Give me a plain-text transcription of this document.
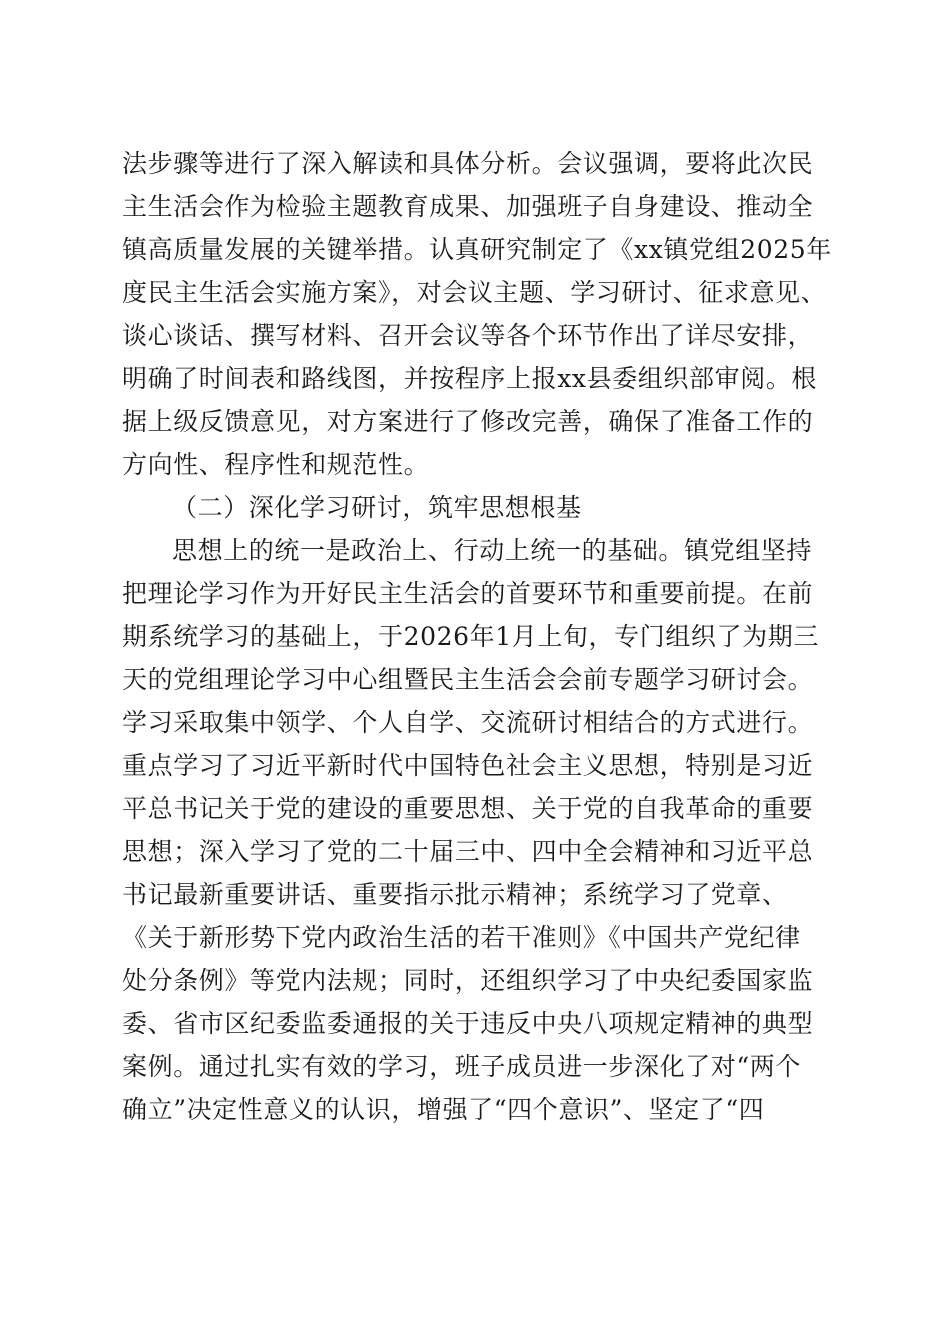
法步骤等进行了深入解读和具体分析。会议强调，要将此次民
主生活会作为检验主题教育成果、加强班子自身建设、推动全
镇高质量发展的关键举措。认真研究制定了《xx镇党组2025年
度民主生活会实施方案》，对会议主题、学习研讨、征求意见、
谈心谈话、撰写材料、召开会议等各个环节作出了详尽安排，
明确了时间表和路线图，并按程序上报xx县委组织部审阅。根
据上级反馈意见，对方案进行了修改完善，确保了准备工作的
方向性、程序性和规范性。
（二）深化学习研讨，筑牢思想根基
思想上的统一是政治上、行动上统一的基础。镇党组坚持
把理论学习作为开好民主生活会的首要环节和重要前提。在前
期系统学习的基础上，于2026年1月上旬，专门组织了为期三
天的党组理论学习中心组暨民主生活会会前专题学习研讨会。
学习采取集中领学、个人自学、交流研讨相结合的方式进行。
重点学习了习近平新时代中国特色社会主义思想，特别是习近
平总书记关于党的建设的重要思想、关于党的自我革命的重要
思想；深入学习了党的二十届三中、四中全会精神和习近平总
书记最新重要讲话、重要指示批示精神；系统学习了党章、
《关于新形势下党内政治生活的若干准则》《中国共产党纪律
处分条例》等党内法规；同时，还组织学习了中央纪委国家监
委、省市区纪委监委通报的关于违反中央八项规定精神的典型
案例。通过扎实有效的学习，班子成员进一步深化了对“两个
确立”决定性意义的认识，增强了“四个意识”、坚定了“四
